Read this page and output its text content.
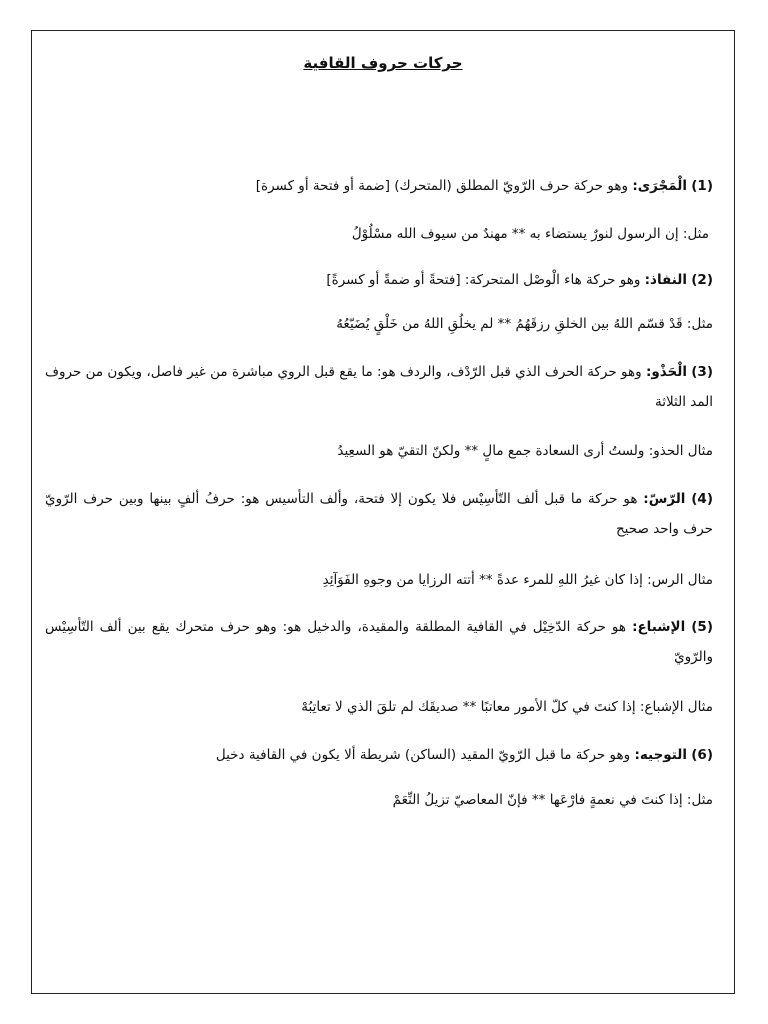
حركات حروف القافية
(1) الْمَجْرَى: وهو حركة حرف الرّويّ المطلق (المتحرك) [ضمة أو فتحة أو كسرة]
مثل: إن الرسول لنورٌ يستضاء به ** مهندٌ من سيوف الله مسْلُوْلُ
(2) النفاذ: وهو حركة هاء الْوصْل المتحركة: [فتحةً أو ضمةً أو كسرةً]
مثل: قَدْ قسّم اللهُ بين الخلقِ رزقَهُمُ ** لم يخلُقِ اللهُ من خَلْقٍ يُضَيّعُهُ
(3) الْحَذْو: وهو حركة الحرف الذي قبل الرّدْف، والردف هو: ما يقع قبل الروي مباشرة من غير فاصل، ويكون من حروف المد الثلاثة
مثال الحذو: ولستُ أرى السعادة جمع مالٍ ** ولكنّ التقيّ هو السعِيدُ
(4) الرّسّ: هو حركة ما قبل ألف التّأسِيْس فلا يكون إلا فتحة، وألف التأسيس هو: حرفُ ألفٍ بينها وبين حرف الرّويّ حرف واحد صحيح
مثال الرس: إذا كان غيرُ اللهِ للمرء عدةً ** أتته الرزايا من وجوهِ الفَوَآئِدِ
(5) الإشباع: هو حركة الدّخِيْل في القافية المطلقة والمقيدة، والدخيل هو: وهو حرف متحرك يقع بين ألف التّأسِيْس والرّويّ
مثال الإشباع: إذا كنتَ في كلّ الأمور معاتبًا ** صديقَك لم تلقَ الذي لا تعاتِبُهْ
(6) التوجيه: وهو حركة ما قبل الرّويّ المقيد (الساكن) شريطة ألا يكون في القافية دخيل
مثل: إذا كنتَ في نعمةٍ فارْعَها ** فإنّ المعاصيّ تزيلُ النِّعَمْ
